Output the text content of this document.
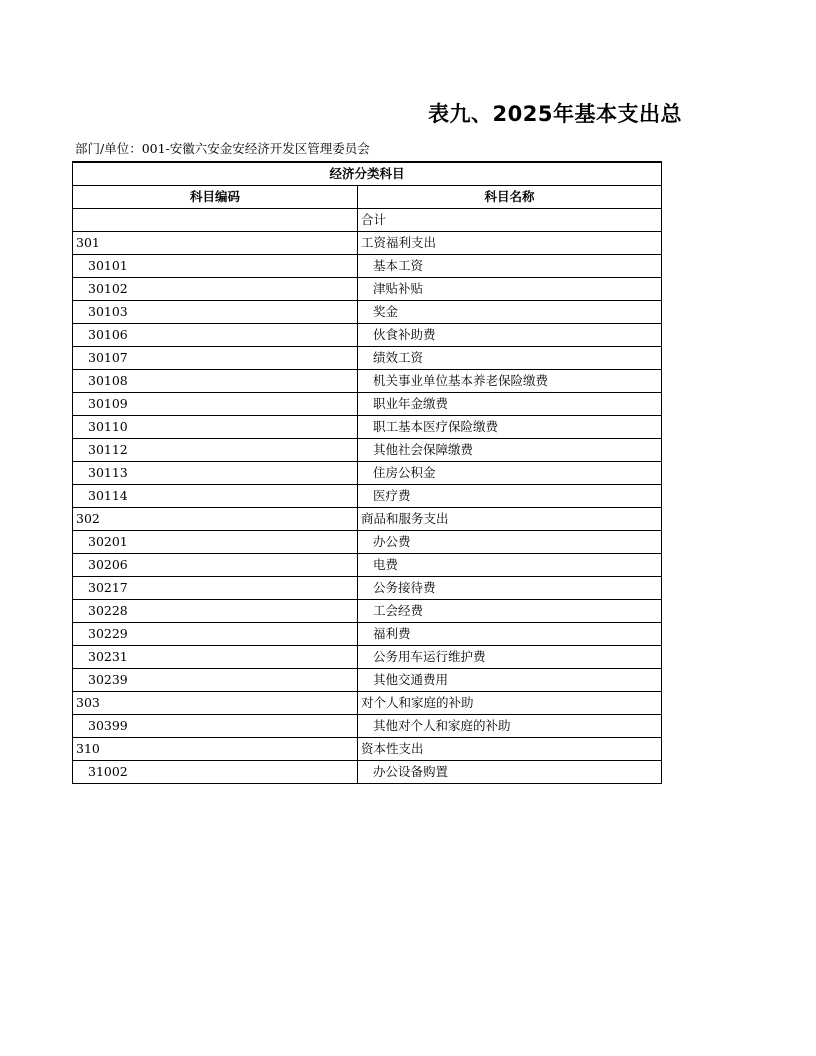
表九、2025年基本支出总
部门/单位：001-安徽六安金安经济开发区管理委员会
经济分类科目	
科目编码	科目名称
	合计
301	工资福利支出
30101	基本工资
30102	津贴补贴
30103	奖金
30106	伙食补助费
30107	绩效工资
30108	机关事业单位基本养老保险缴费
30109	职业年金缴费
30110	职工基本医疗保险缴费
30112	其他社会保障缴费
30113	住房公积金
30114	医疗费
302	商品和服务支出
30201	办公费
30206	电费
30217	公务接待费
30228	工会经费
30229	福利费
30231	公务用车运行维护费
30239	其他交通费用
303	对个人和家庭的补助
30399	其他对个人和家庭的补助
310	资本性支出
31002	办公设备购置
